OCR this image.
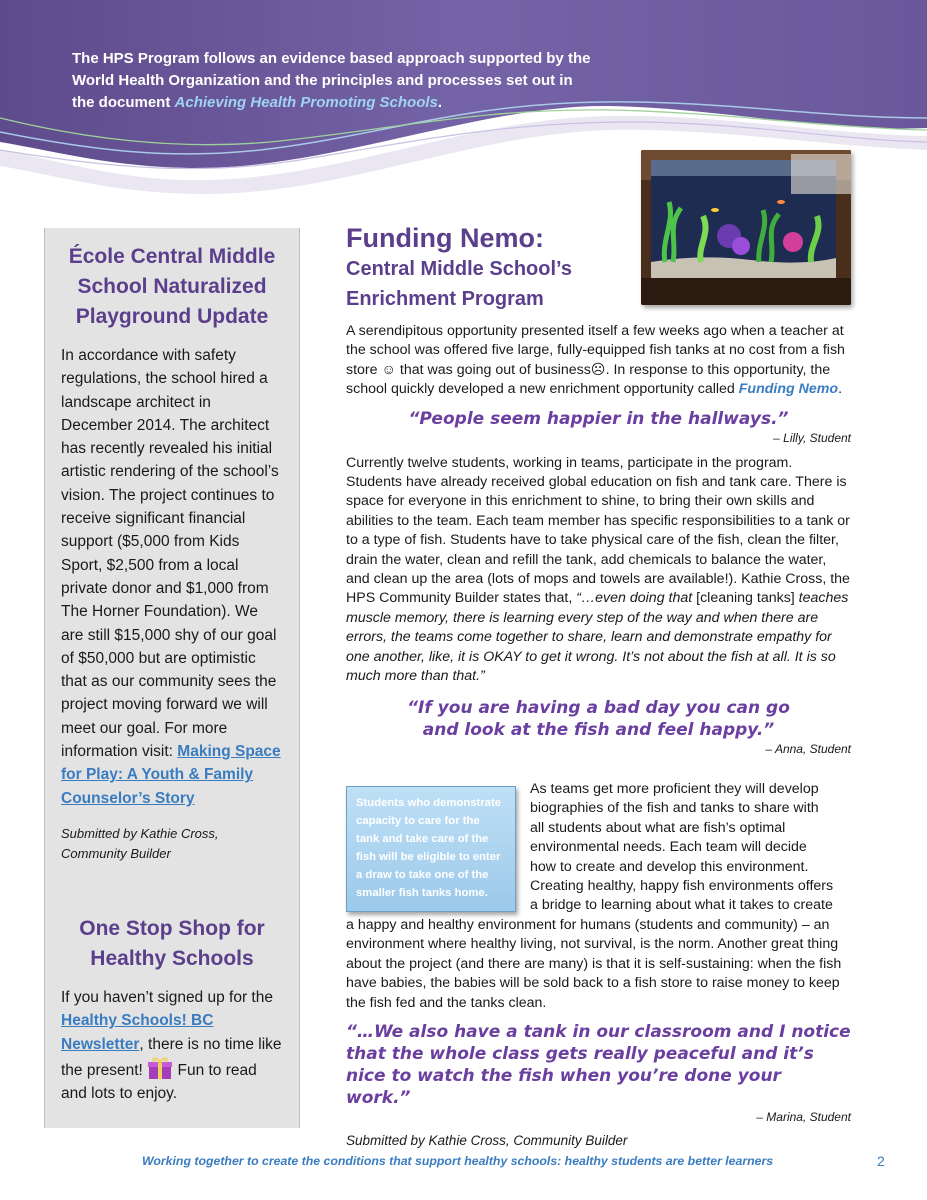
The HPS Program follows an evidence based approach supported by the
World Health Organization and the principles and processes set out in
the document Achieving Health Promoting Schools.
École Central Middle
School Naturalized
Playground Update

In accordance with safety regulations, the school hired a landscape architect in December 2014. The architect has recently revealed his initial artistic rendering of the school’s vision. The project continues to receive significant financial support ($5,000 from Kids Sport, $2,500 from a local private donor and $1,000 from The Horner Foundation). We are still $15,000 shy of our goal of $50,000 but are optimistic that as our community sees the project moving forward we will meet our goal. For more information visit: Making Space for Play: A Youth & Family Counselor’s Story

Submitted by Kathie Cross,
Community Builder

One Stop Shop for
Healthy Schools

If you haven’t signed up for the Healthy Schools! BC Newsletter, there is no time like the present!  Fun to read and lots to enjoy.

Funding Nemo:
Central Middle School’s
Enrichment Program

A serendipitous opportunity presented itself a few weeks ago when a teacher at the school was offered five large, fully-equipped fish tanks at no cost from a fish store ☺ that was going out of business☹. In response to this opportunity, the school quickly developed a new enrichment opportunity called Funding Nemo.

“People seem happier in the hallways.”

– Lilly, Student

Currently twelve students, working in teams, participate in the program. Students have already received global education on fish and tank care. There is space for everyone in this enrichment to shine, to bring their own skills and abilities to the team. Each team member has specific responsibilities to a tank or to a type of fish. Students have to take physical care of the fish, clean the filter, drain the water, clean and refill the tank, add chemicals to balance the water, and clean up the area (lots of mops and towels are available!). Kathie Cross, the HPS Community Builder states that, “…even doing that [cleaning tanks] teaches muscle memory, there is learning every step of the way and when there are errors, the teams come together to share, learn and demonstrate empathy for one another, like, it is OKAY to get it wrong. It’s not about the fish at all. It is so much more than that.”

“If you are having a bad day you can go
and look at the fish and feel happy.”

– Anna, Student

Students who demonstrate capacity to care for the tank and take care of the fish will be eligible to enter a draw to take one of the smaller fish tanks home.
As teams get more proficient they will develop
biographies of the fish and tanks to share with
all students about what are fish’s optimal
environmental needs. Each team will decide
how to create and develop this environment.
Creating healthy, happy fish environments offers
a bridge to learning about what it takes to create

a happy and healthy environment for humans (students and community) – an environment where healthy living, not survival, is the norm. Another great thing about the project (and there are many) is that it is self-sustaining: when the fish have babies, the babies will be sold back to a fish store to raise money to keep the fish fed and the tanks clean.

“…We also have a tank in our classroom and I notice that the whole class gets really peaceful and it’s nice to watch the fish when you’re done your work.”

– Marina, Student

Submitted by Kathie Cross, Community Builder

Working together to create the conditions that support healthy schools: healthy students are better learners	2
